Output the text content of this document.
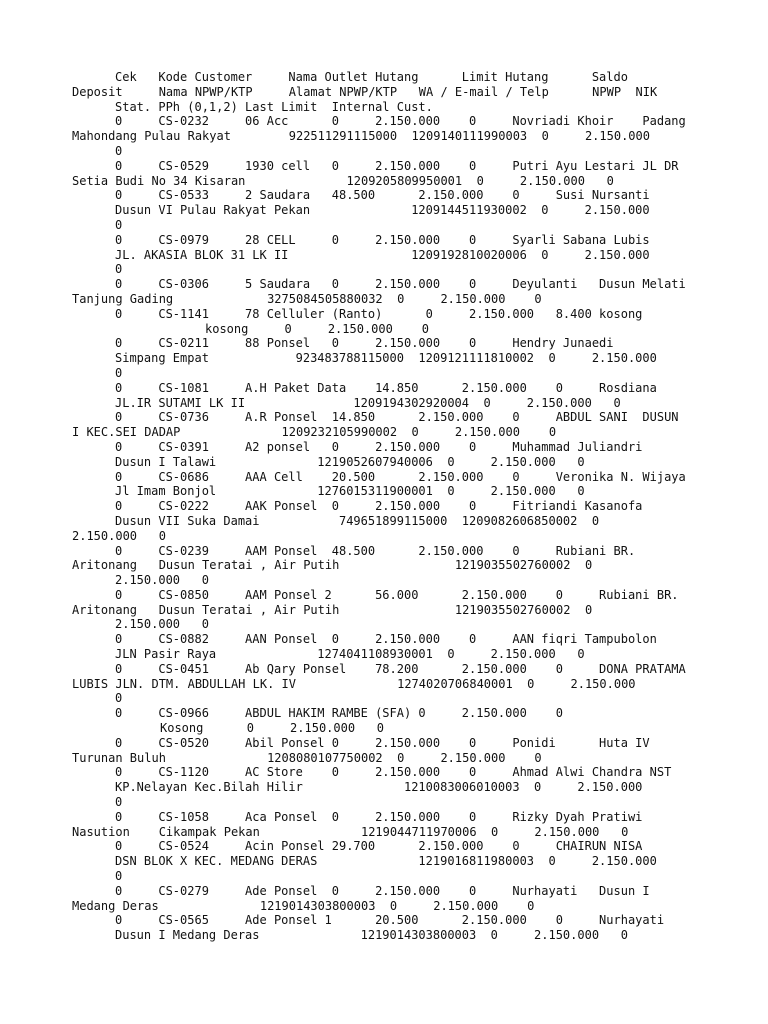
Cek   Kode Customer     Nama Outlet Hutang      Limit Hutang      Saldo
Deposit     Nama NPWP/KTP     Alamat NPWP/KTP   WA / E-mail / Telp      NPWP  NIK
Stat. PPh (0,1,2) Last Limit  Internal Cust.
0     CS-0232     06 Acc      0     2.150.000    0     Novriadi Khoir    Padang
Mahondang Pulau Rakyat        922511291115000  1209140111990003  0     2.150.000
0
0     CS-0529     1930 cell   0     2.150.000    0     Putri Ayu Lestari JL DR
Setia Budi No 34 Kisaran              1209205809950001  0     2.150.000   0
0     CS-0533     2 Saudara   48.500      2.150.000    0     Susi Nursanti
Dusun VI Pulau Rakyat Pekan              1209144511930002  0     2.150.000
0
0     CS-0979     28 CELL     0     2.150.000    0     Syarli Sabana Lubis
JL. AKASIA BLOK 31 LK II                 1209192810020006  0     2.150.000
0
0     CS-0306     5 Saudara   0     2.150.000    0     Deyulanti   Dusun Melati
Tanjung Gading             3275084505880032  0     2.150.000    0
0     CS-1141     78 Celluler (Ranto)      0     2.150.000   8.400 kosong
kosong     0     2.150.000    0
0     CS-0211     88 Ponsel   0     2.150.000    0     Hendry Junaedi
Simpang Empat            923483788115000  1209121111810002  0     2.150.000
0
0     CS-1081     A.H Paket Data    14.850      2.150.000    0     Rosdiana
JL.IR SUTAMI LK II               1209194302920004  0     2.150.000   0
0     CS-0736     A.R Ponsel  14.850      2.150.000    0     ABDUL SANI  DUSUN
I KEC.SEI DADAP              1209232105990002  0     2.150.000    0
0     CS-0391     A2 ponsel   0     2.150.000    0     Muhammad Juliandri
Dusun I Talawi              1219052607940006  0     2.150.000   0
0     CS-0686     AAA Cell    20.500      2.150.000    0     Veronika N. Wijaya
Jl Imam Bonjol              1276015311900001  0     2.150.000   0
0     CS-0222     AAK Ponsel  0     2.150.000    0     Fitriandi Kasanofa
Dusun VII Suka Damai           749651899115000  1209082606850002  0
2.150.000   0
0     CS-0239     AAM Ponsel  48.500      2.150.000    0     Rubiani BR.
Aritonang   Dusun Teratai , Air Putih                1219035502760002  0
2.150.000   0
0     CS-0850     AAM Ponsel 2      56.000      2.150.000    0     Rubiani BR.
Aritonang   Dusun Teratai , Air Putih                1219035502760002  0
2.150.000   0
0     CS-0882     AAN Ponsel  0     2.150.000    0     AAN fiqri Tampubolon
JLN Pasir Raya              1274041108930001  0     2.150.000   0
0     CS-0451     Ab Qary Ponsel    78.200      2.150.000    0     DONA PRATAMA
LUBIS JLN. DTM. ABDULLAH LK. IV              1274020706840001  0     2.150.000
0
0     CS-0966     ABDUL HAKIM RAMBE (SFA) 0     2.150.000    0
Kosong      0     2.150.000   0
0     CS-0520     Abil Ponsel 0     2.150.000    0     Ponidi      Huta IV
Turunan Buluh              1208080107750002  0     2.150.000    0
0     CS-1120     AC Store    0     2.150.000    0     Ahmad Alwi Chandra NST
KP.Nelayan Kec.Bilah Hilir              1210083006010003  0     2.150.000
0
0     CS-1058     Aca Ponsel  0     2.150.000    0     Rizky Dyah Pratiwi
Nasution    Cikampak Pekan              1219044711970006  0     2.150.000   0
0     CS-0524     Acin Ponsel 29.700      2.150.000    0     CHAIRUN NISA
DSN BLOK X KEC. MEDANG DERAS              1219016811980003  0     2.150.000
0
0     CS-0279     Ade Ponsel  0     2.150.000    0     Nurhayati   Dusun I
Medang Deras              1219014303800003  0     2.150.000    0
0     CS-0565     Ade Ponsel 1      20.500      2.150.000    0     Nurhayati
Dusun I Medang Deras              1219014303800003  0     2.150.000   0
